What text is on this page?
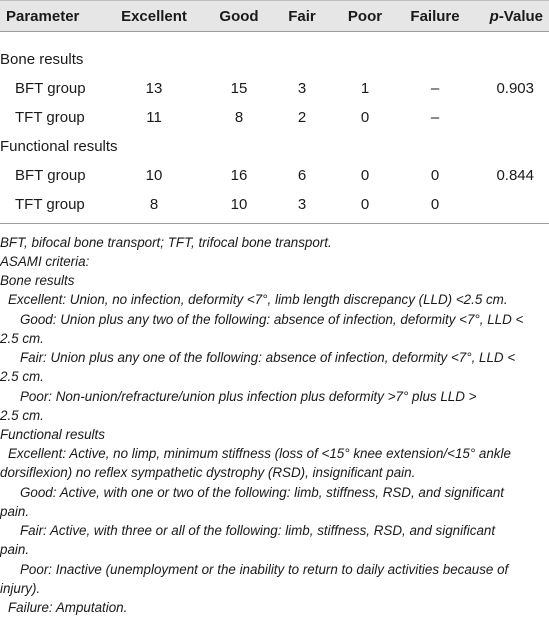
Parameter	Excellent Good Fair Poor Failure p-Value
Bone results
BFT group	13	15	3	1	–	0.903
TFT group	11	8	2	0	–
Functional results
BFT group	10	16	6	0	0	0.844
TFT group	8	10	3	0	0
BFT, bifocal bone transport; TFT, trifocal bone transport.
ASAMI criteria:
Bone results
Excellent: Union, no infection, deformity <7°, limb length discrepancy (LLD) <2.5 cm.
Good: Union plus any two of the following: absence of infection, deformity <7°, LLD <
2.5 cm.
Fair: Union plus any one of the following: absence of infection, deformity <7°, LLD <
2.5 cm.
Poor: Non-union/refracture/union plus infection plus deformity >7° plus LLD >
2.5 cm.
Functional results
Excellent: Active, no limp, minimum stiffness (loss of <15° knee extension/<15° ankle
dorsiflexion) no reflex sympathetic dystrophy (RSD), insignificant pain.
Good: Active, with one or two of the following: limb, stiffness, RSD, and significant
pain.
Fair: Active, with three or all of the following: limb, stiffness, RSD, and significant
pain.
Poor: Inactive (unemployment or the inability to return to daily activities because of
injury).
Failure: Amputation.
